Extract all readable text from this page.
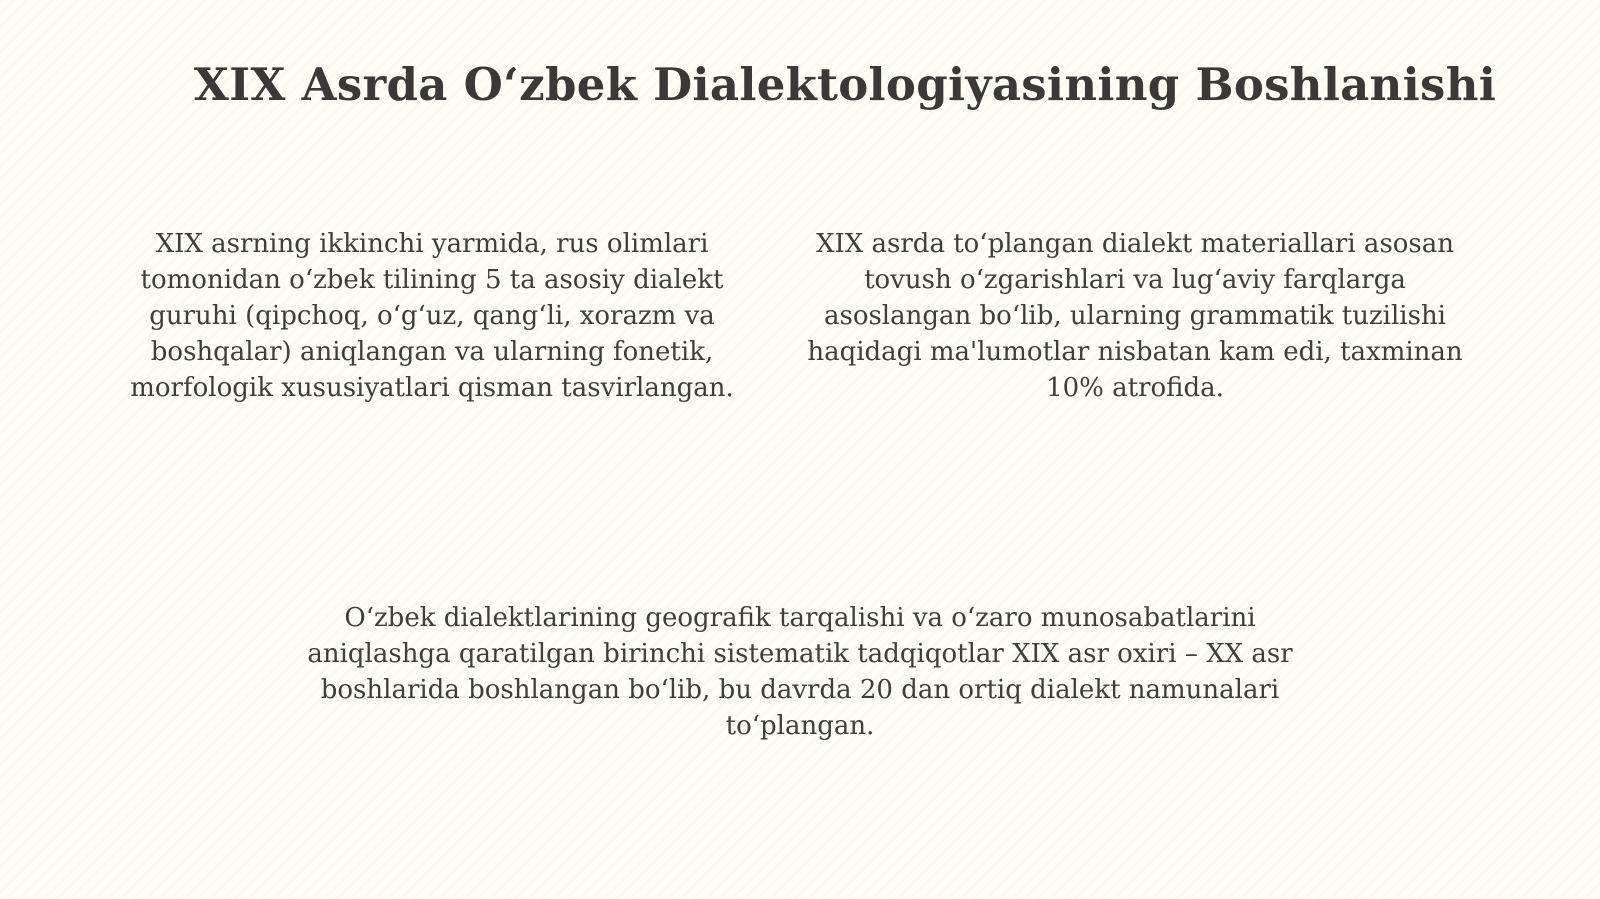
XIX Asrda O‘zbek Dialektologiyasining Boshlanishi

XIX asrning ikkinchi yarmida, rus olimlari tomonidan o‘zbek tilining 5 ta asosiy dialekt guruhi (qipchoq, o‘g‘uz, qang‘li, xorazm va boshqalar) aniqlangan va ularning fonetik, morfologik xususiyatlari qisman tasvirlangan.

XIX asrda to‘plangan dialekt materiallari asosan tovush o‘zgarishlari va lug‘aviy farqlarga asoslangan bo‘lib, ularning grammatik tuzilishi haqidagi ma'lumotlar nisbatan kam edi, taxminan 10% atrofida.

O‘zbek dialektlarining geografik tarqalishi va o‘zaro munosabatlarini aniqlashga qaratilgan birinchi sistematik tadqiqotlar XIX asr oxiri – XX asr boshlarida boshlangan bo‘lib, bu davrda 20 dan ortiq dialekt namunalari to‘plangan.
